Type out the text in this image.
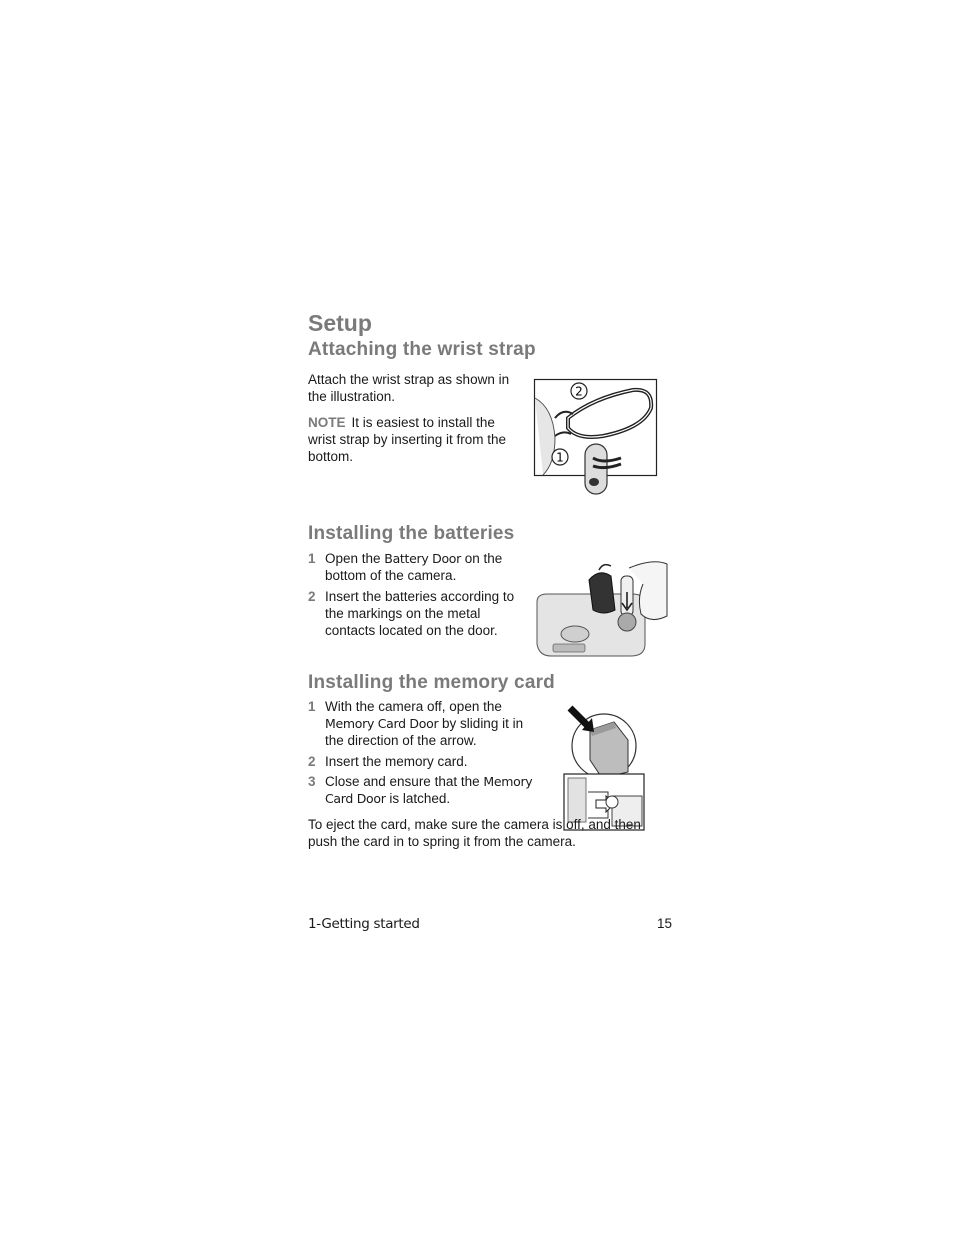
Setup
Attaching the wrist strap

Attach the wrist strap as shown in the illustration.

NOTE It is easiest to install the wrist strap by inserting it from the bottom.

2
1
Installing the batteries
1 Open the Battery Door on the bottom of the camera.
2 Insert the batteries according to the markings on the metal contacts located on the door.
Installing the memory card
1 With the camera off, open the Memory Card Door by sliding it in the direction of the arrow.
2 Insert the memory card.
3 Close and ensure that the Memory Card Door is latched.

To eject the card, make sure the camera is off, and then push the card in to spring it from the camera.

1-Getting started	15
